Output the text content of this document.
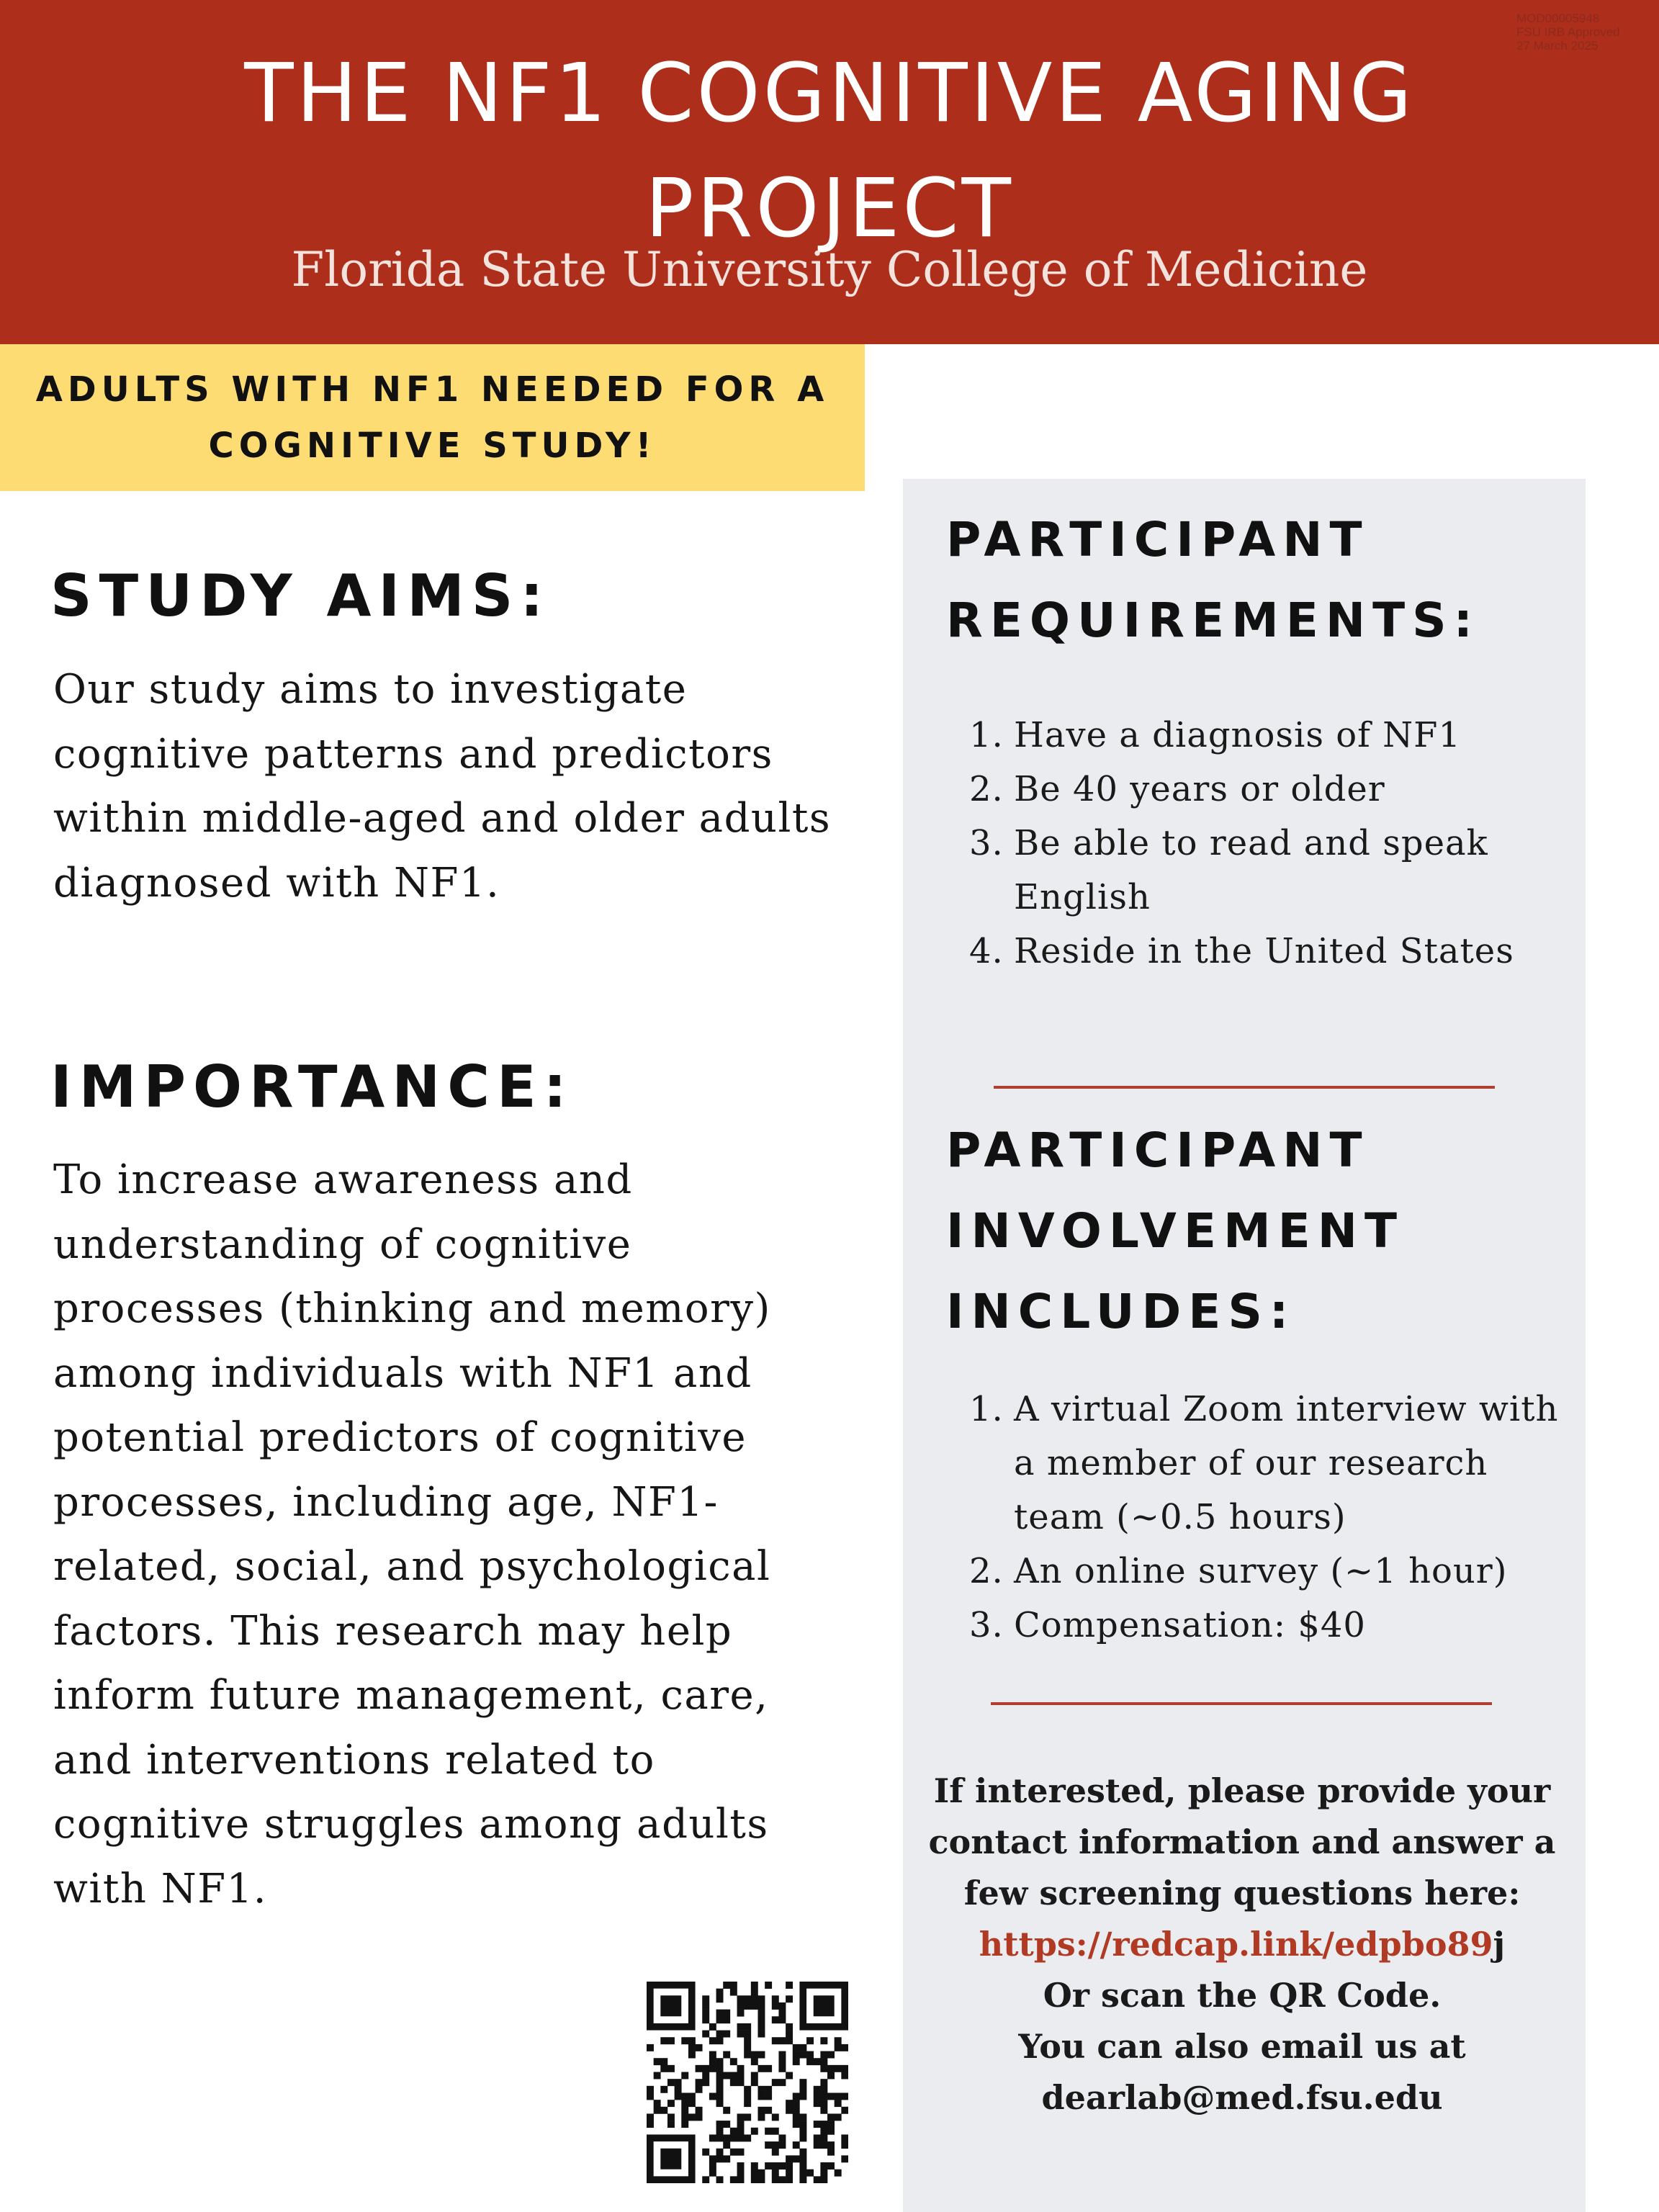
THE NF1 COGNITIVE AGING
PROJECT
Florida State University College of Medicine
MOD00005948
FSU IRB Approved
27 March 2025
ADULTS WITH NF1 NEEDED FOR A
COGNITIVE STUDY!
STUDY AIMS:

Our study aims to investigate cognitive patterns and predictors within middle-aged and older adults diagnosed with NF1.

IMPORTANCE:

To increase awareness and understanding of cognitive processes (thinking and memory) among individuals with NF1 and potential predictors of cognitive processes, including age, NF1-related, social, and psychological factors. This research may help inform future management, care, and interventions related to cognitive struggles among adults with NF1.

PARTICIPANT REQUIREMENTS:
1. Have a diagnosis of NF1
2. Be 40 years or older
3. Be able to read and speak English
4. Reside in the United States
PARTICIPANT INVOLVEMENT INCLUDES:
1. A virtual Zoom interview with a member of our research team (~0.5 hours)
2. An online survey (~1 hour)
3. Compensation: $40
If interested, please provide your contact information and answer a few screening questions here:
https://redcap.link/edpbo89j
Or scan the QR Code.
You can also email us at
dearlab@med.fsu.edu
